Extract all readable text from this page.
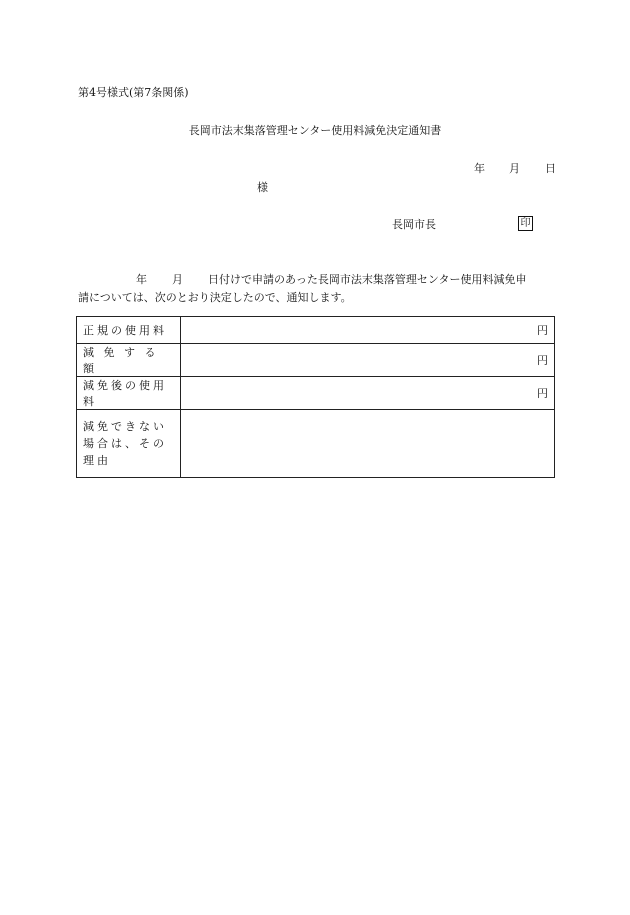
第4号様式(第7条関係)
長岡市法末集落管理センター使用料減免決定通知書
年 月 日
様
長岡市長	印
年 月 日付けで申請のあった長岡市法末集落管理センター使用料減免申
請については、次のとおり決定したので、通知します。
正規の使用料	円
減 免 す る 額	円
減免後の使用料	円
減免できない場合は、その理由	
